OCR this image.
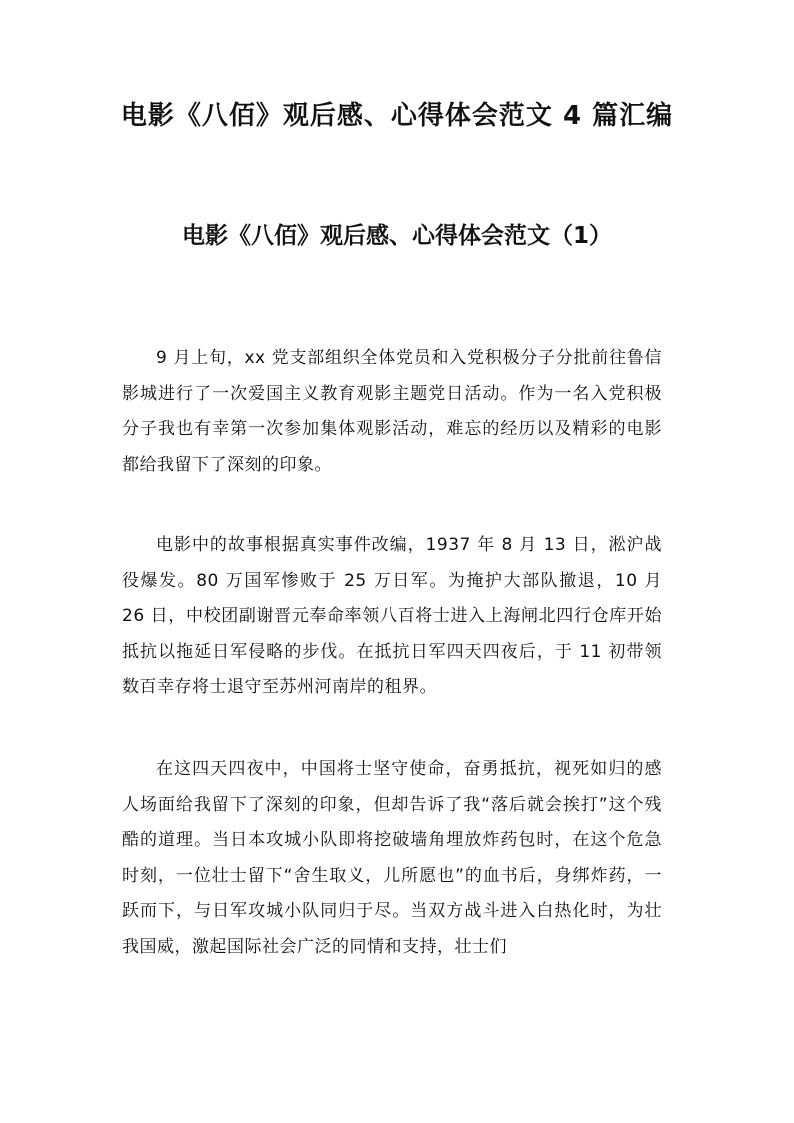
电影《八佰》观后感、心得体会范文 4 篇汇编
电影《八佰》观后感、心得体会范文（1）

9 月上旬，xx 党支部组织全体党员和入党积极分子分批前往鲁信影城进行了一次爱国主义教育观影主题党日活动。作为一名入党积极分子我也有幸第一次参加集体观影活动，难忘的经历以及精彩的电影都给我留下了深刻的印象。

电影中的故事根据真实事件改编，1937 年 8 月 13 日，淞沪战役爆发。80 万国军惨败于 25 万日军。为掩护大部队撤退，10 月 26 日，中校团副谢晋元奉命率领八百将士进入上海闸北四行仓库开始抵抗以拖延日军侵略的步伐。在抵抗日军四天四夜后，于 11 初带领数百幸存将士退守至苏州河南岸的租界。

在这四天四夜中，中国将士坚守使命，奋勇抵抗，视死如归的感人场面给我留下了深刻的印象，但却告诉了我“落后就会挨打”这个残酷的道理。当日本攻城小队即将挖破墙角埋放炸药包时，在这个危急时刻，一位壮士留下“舍生取义，儿所愿也”的血书后，身绑炸药，一跃而下，与日军攻城小队同归于尽。当双方战斗进入白热化时，为壮我国威，激起国际社会广泛的同情和支持，壮士们
